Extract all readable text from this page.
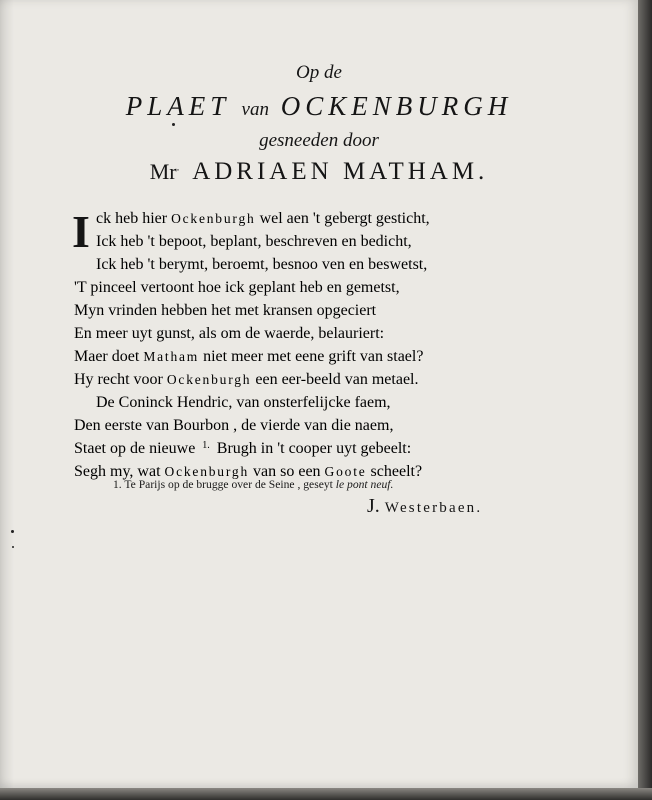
Op de
PLAET van OCKENBURGH
gesneeden door
Mr. ADRIAEN MATHAM.
I ck heb hier Ockenburgh wel aen 't gebergt gesticht,
Ick heb 't bepoot, beplant, beschreven en bedicht,
Ick heb 't berymt, beroemt, besnoo ven en beswetst,
'T pinceel vertoont hoe ick geplant heb en gemetst,
Myn vrinden hebben het met kransen opgeciert
En meer uyt gunst, als om de waerde, belauriert:
Maer doet Matham niet meer met eene grift van stael?
Hy recht voor Ockenburgh een eer-beeld van metael.
De Coninck Hendric, van onsterfelijcke faem,
Den eerste van Bourbon , de vierde van die naem,
Staet op de nieuwe $^{1.}$ Brugh in 't cooper uyt gebeelt:
Segh my, wat Ockenburgh van so een Goote scheelt?
1. Te Parijs op de brugge over de Seine , geseyt le pont neuf.
J. Westerbaen.
